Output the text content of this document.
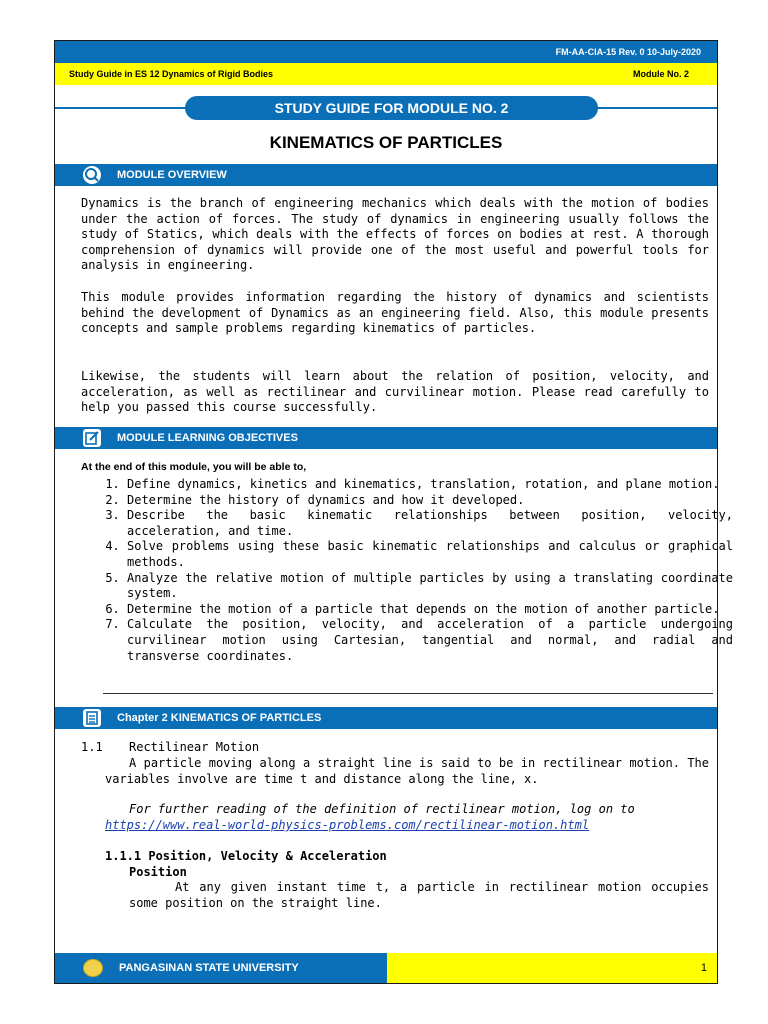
FM-AA-CIA-15 Rev. 0 10-July-2020
Study Guide in ES 12 Dynamics of Rigid Bodies	Module No. 2
STUDY GUIDE FOR MODULE NO. 2
KINEMATICS OF PARTICLES
MODULE OVERVIEW

Dynamics is the branch of engineering mechanics which deals with the motion of bodies under the action of forces. The study of dynamics in engineering usually follows the study of Statics, which deals with the effects of forces on bodies at rest. A thorough comprehension of dynamics will provide one of the most useful and powerful tools for analysis in engineering.

This module provides information regarding the history of dynamics and scientists behind the development of Dynamics as an engineering field. Also, this module presents concepts and sample problems regarding kinematics of particles.

Likewise, the students will learn about the relation of position, velocity, and acceleration, as well as rectilinear and curvilinear motion. Please read carefully to help you passed this course successfully.

MODULE LEARNING OBJECTIVES
At the end of this module, you will be able to,
1. Define dynamics, kinetics and kinematics, translation, rotation, and plane motion.
2. Determine the history of dynamics and how it developed.
3. Describe the basic kinematic relationships between position, velocity, acceleration, and time.
4. Solve problems using these basic kinematic relationships and calculus or graphical methods.
5. Analyze the relative motion of multiple particles by using a translating coordinate system.
6. Determine the motion of a particle that depends on the motion of another particle.
7. Calculate the position, velocity, and acceleration of a particle undergoing curvilinear motion using Cartesian, tangential and normal, and radial and transverse coordinates.
Chapter 2 KINEMATICS OF PARTICLES
1.1 Rectilinear Motion

A particle moving along a straight line is said to be in rectilinear motion. The variables involve are time t and distance along the line, x.

For further reading of the definition of rectilinear motion, log on to

https://www.real-world-physics-problems.com/rectilinear-motion.html
1.1.1 Position, Velocity & Acceleration
Position

At any given instant time t, a particle in rectilinear motion occupies some position on the straight line.

PANGASINAN STATE UNIVERSITY	1
